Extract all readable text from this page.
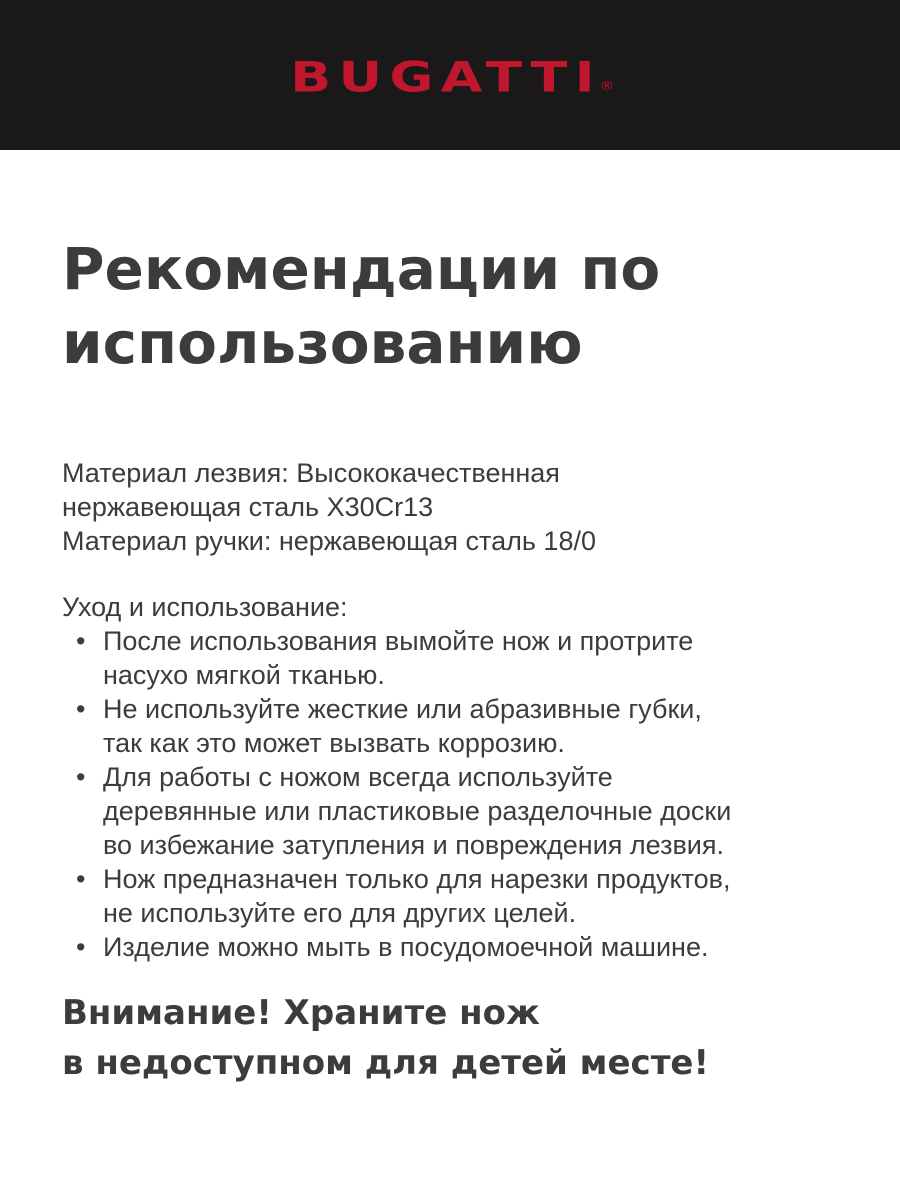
BUGATTI®
Рекомендации по
использованию
Материал лезвия: Высококачественная
нержавеющая сталь X30Cr13
Материал ручки: нержавеющая сталь 18/0
Уход и использование:
• После использования вымойте нож и протрите
насухо мягкой тканью.
• Не используйте жесткие или абразивные губки,
так как это может вызвать коррозию.
• Для работы с ножом всегда используйте
деревянные или пластиковые разделочные доски
во избежание затупления и повреждения лезвия.
• Нож предназначен только для нарезки продуктов,
не используйте его для других целей.
• Изделие можно мыть в посудомоечной машине.
Внимание! Храните нож
в недоступном для детей месте!
